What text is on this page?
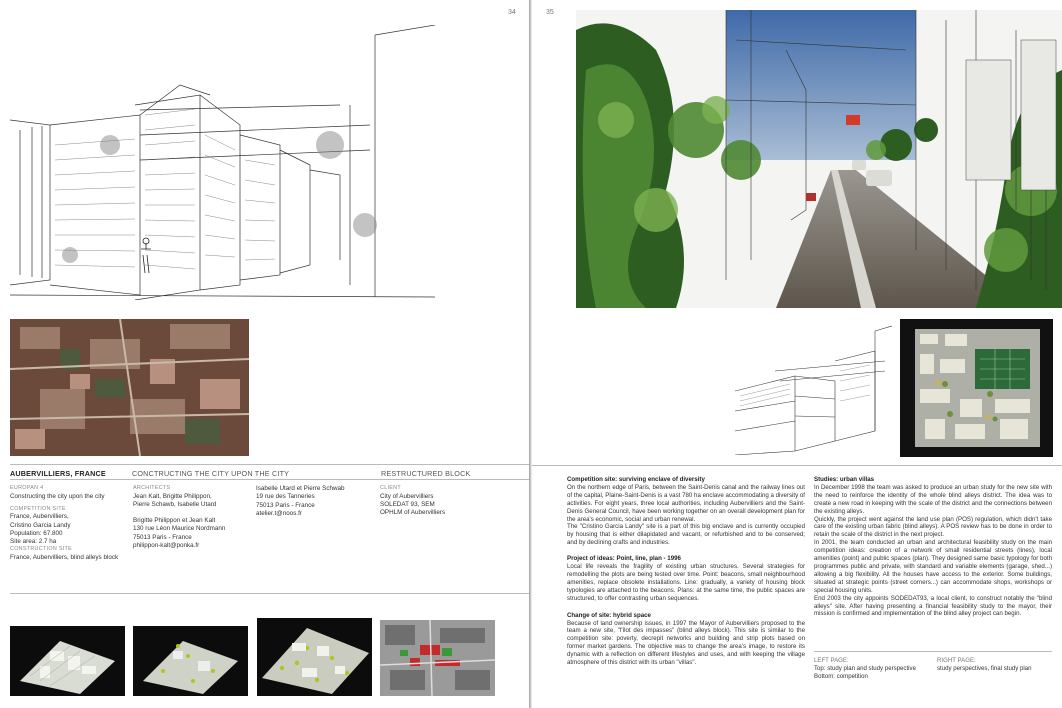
34
AUBERVILLIERS, FRANCE	CONCTRUCTING THE CITY UPON THE CITY	RESTRUCTURED BLOCK
EUROPAN 4
Constructing the city upon the city
COMPETITION SITE
France, Aubervilliers,
Cristino Garcia Landy
Population: 67.800
Site area: 2.7 ha
CONSTRUCTION SITE
France, Aubervilliers, blind alleys block
ARCHITECTS
Jean Kalt, Brigitte Philippon,
Pierre Schawb, Isabelle Utard
Brigitte Philippon et Jean Kalt
130 rue Léon Maurice Nordmann
75013 Paris - France
philippon-kalt@ponka.fr
Isabelle Utard et Pierre Schwab
19 rue des Tanneries
75013 Paris - France
atelier.t@noos.fr
CLIENT
City of Aubervilliers
SOLEDAT 93, SEM
OPHLM of Aubervilliers
35
Competition site: surviving enclave of diversity
On the northern edge of Paris, between the Saint-Denis canal and the railway lines out of the capital, Plaine-Saint-Denis is a vast 780 ha enclave accommodating a diversity of activities. For eight years, three local authorities, including Aubervilliers and the Saint-Denis General Council, have been working together on an overall development plan for the area's economic, social and urban renewal.
The "Cristino Garcia Landy" site is a part of this big enclave and is currently occupied by housing that is either dilapidated and vacant, or refurbished and to be conserved; and by declining crafts and industries.
Project of ideas: Point, line, plan - 1996
Local life reveals the fragility of existing urban structures. Several strategies for remodelling the plots are being tested over time. Point: beacons, small neighbourhood amenities, replace obsolete installations. Line: gradually, a variety of housing block typologies are attached to the beacons. Plans: at the same time, the public spaces are structured, to offer contrasting urban sequences.
Change of site: hybrid space
Because of land ownership issues, in 1997 the Mayor of Aubervilliers proposed to the team a new site, "l'îlot des impasses" (blind alleys block). This site is similar to the competition site: poverty, decrepit networks and building and strip plots based on former market gardens. The objective was to change the area's image, to restore its dynamic with a reflection on different lifestyles and uses, and with keeping the village atmosphere of this district with its urban "villas".
Studies: urban villas
In December 1998 the team was asked to produce an urban study for the new site with the need to reinforce the identity of the whole blind alleys district. The idea was to create a new road in keeping with the scale of the district and the connections between the existing alleys.
Quickly, the project went against the land use plan (POS) regulation, which didn't take care of the existing urban fabric (blind alleys). A POS review has to be done in order to retain the scale of the district in the next project.
In 2001, the team conducted an urban and architectural feasibility study on the main competition ideas: creation of a network of small residential streets (lines), local amenities (point) and public spaces (plan). They designed same basic typology for both programmes public and private, with standard and variable elements (garage, shed...) allowing a big flexibility. All the houses have access to the exterior. Some buildings, situated at strategic points (street corners...) can accommodate shops, workshops or special housing units.
End 2003 the city appoints SODEDAT93, a local client, to construct notably the "blind alleys" site. After having presenting a financial feasibility study to the mayor, their mission is confirmed and implementation of the blind alley project can begin.
LEFT PAGE:
Top: study plan and study perspective
Bottom: competition
RIGHT PAGE:
study perspectives, final study plan
